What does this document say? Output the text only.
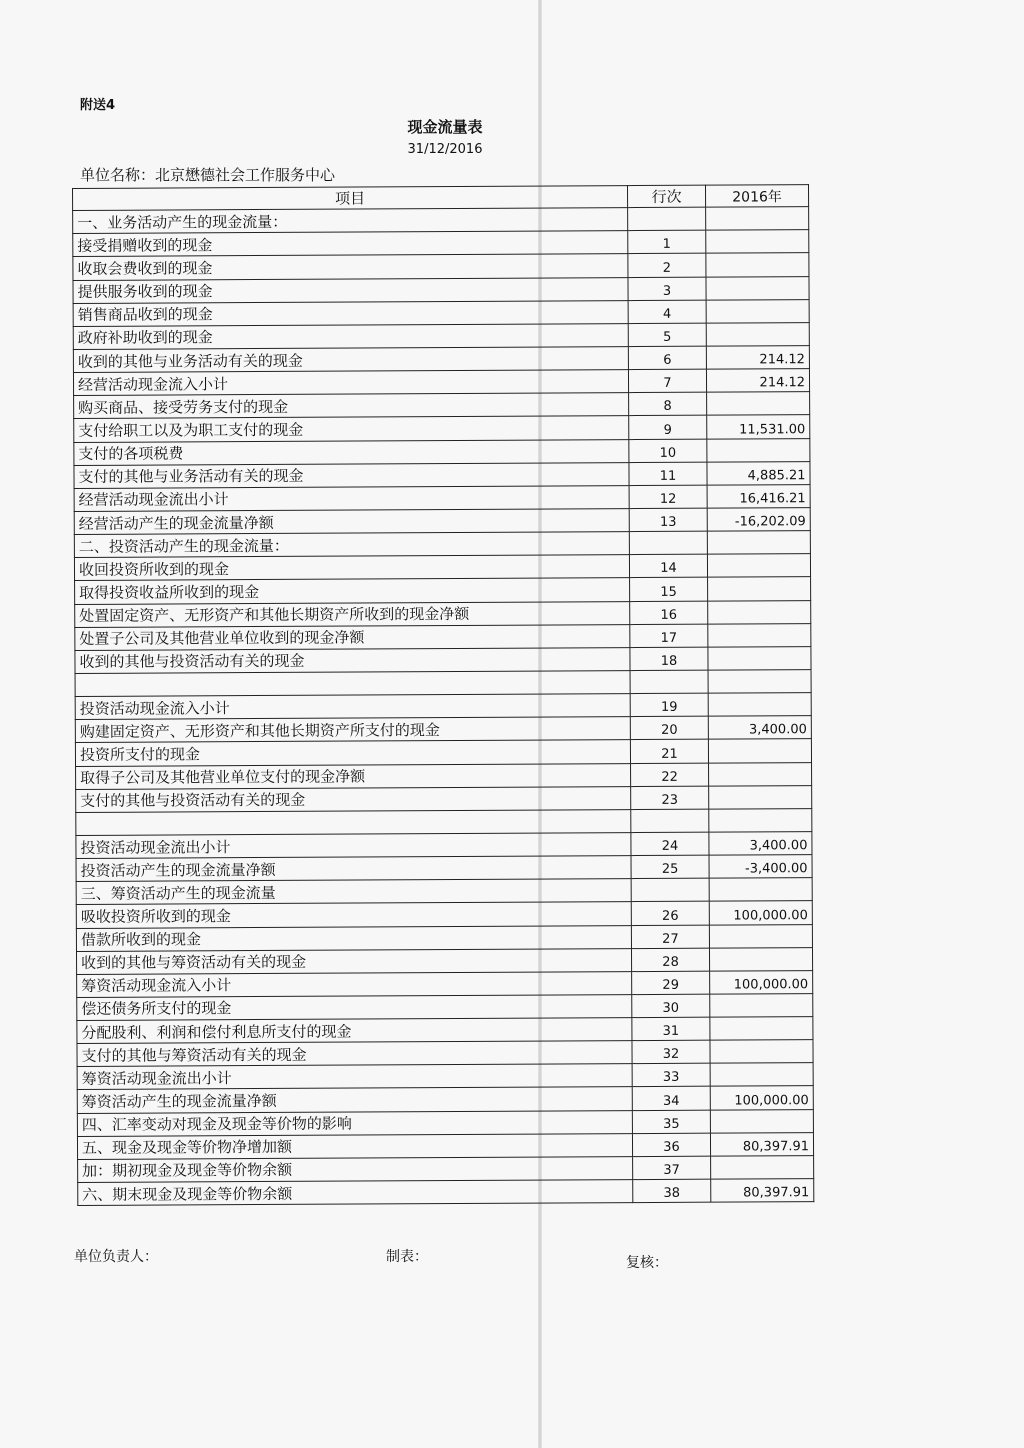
附送4
现金流量表
31/12/2016
单位名称：北京懋德社会工作服务中心
项目	行次	2016年
一、业务活动产生的现金流量：		
接受捐赠收到的现金	1	
收取会费收到的现金	2	
提供服务收到的现金	3	
销售商品收到的现金	4	
政府补助收到的现金	5	
收到的其他与业务活动有关的现金	6	214.12
经营活动现金流入小计	7	214.12
购买商品、接受劳务支付的现金	8	
支付给职工以及为职工支付的现金	9	11,531.00
支付的各项税费	10	
支付的其他与业务活动有关的现金	11	4,885.21
经营活动现金流出小计	12	16,416.21
经营活动产生的现金流量净额	13	-16,202.09
二、投资活动产生的现金流量：		
收回投资所收到的现金	14	
取得投资收益所收到的现金	15	
处置固定资产、无形资产和其他长期资产所收到的现金净额	16	
处置子公司及其他营业单位收到的现金净额	17	
收到的其他与投资活动有关的现金	18	

投资活动现金流入小计	19	
购建固定资产、无形资产和其他长期资产所支付的现金	20	3,400.00
投资所支付的现金	21	
取得子公司及其他营业单位支付的现金净额	22	
支付的其他与投资活动有关的现金	23	

投资活动现金流出小计	24	3,400.00
投资活动产生的现金流量净额	25	-3,400.00
三、筹资活动产生的现金流量		
吸收投资所收到的现金	26	100,000.00
借款所收到的现金	27	
收到的其他与筹资活动有关的现金	28	
筹资活动现金流入小计	29	100,000.00
偿还债务所支付的现金	30	
分配股利、利润和偿付利息所支付的现金	31	
支付的其他与筹资活动有关的现金	32	
筹资活动现金流出小计	33	
筹资活动产生的现金流量净额	34	100,000.00
四、汇率变动对现金及现金等价物的影响	35	
五、现金及现金等价物净增加额	36	80,397.91
加：期初现金及现金等价物余额	37	
六、期末现金及现金等价物余额	38	80,397.91
单位负责人：	制表：	复核：
